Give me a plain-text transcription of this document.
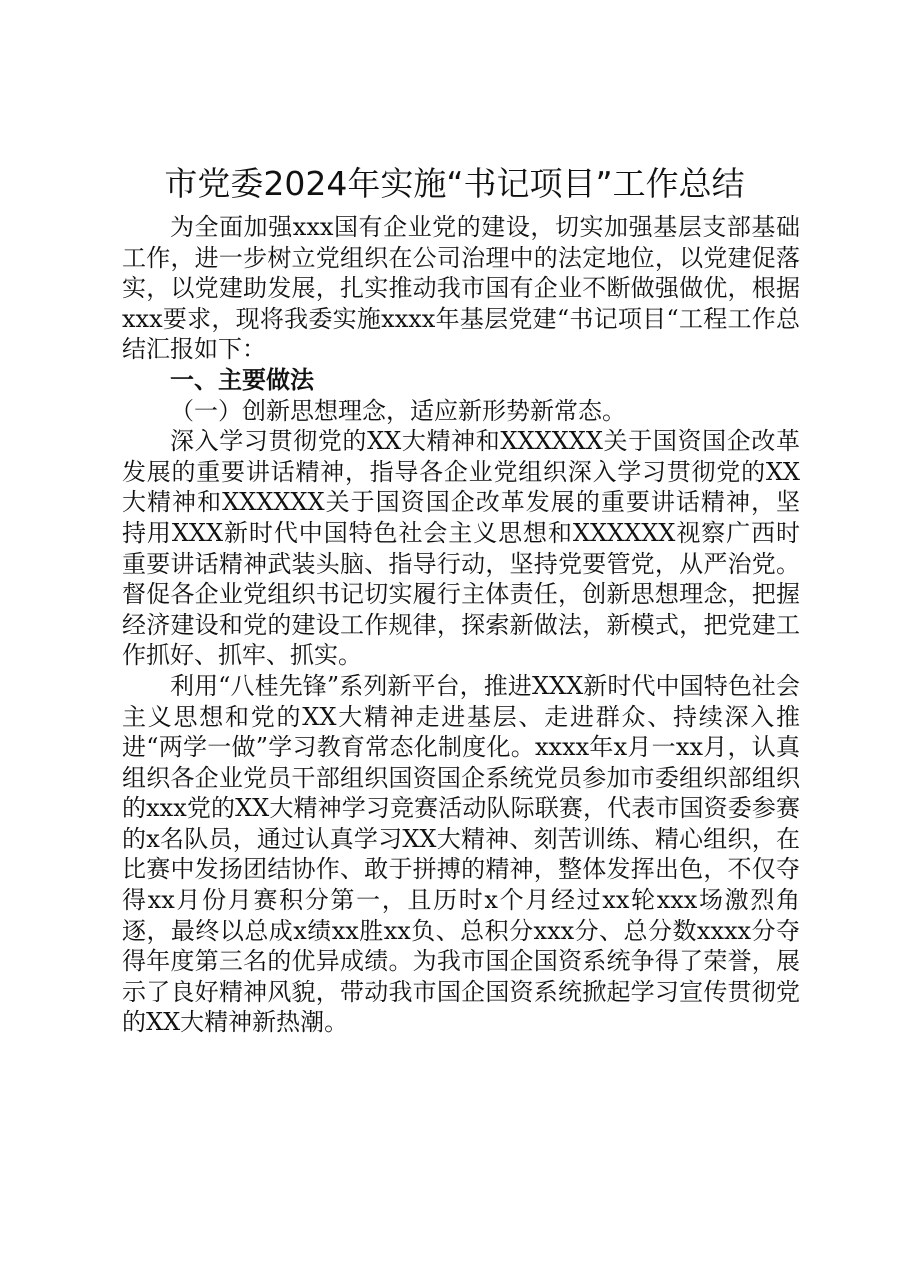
市党委2024年实施“书记项目”工作总结

为全面加强xxx国有企业党的建设，切实加强基层支部基础工作，进一步树立党组织在公司治理中的法定地位，以党建促落实，以党建助发展，扎实推动我市国有企业不断做强做优，根据xxx要求，现将我委实施xxxx年基层党建“书记项目“工程工作总结汇报如下：

一、主要做法

（一）创新思想理念，适应新形势新常态。

深入学习贯彻党的XX大精神和XXXXXX关于国资国企改革发展的重要讲话精神，指导各企业党组织深入学习贯彻党的XX大精神和XXXXXX关于国资国企改革发展的重要讲话精神，坚持用XXX新时代中国特色社会主义思想和XXXXXX视察广西时重要讲话精神武装头脑、指导行动，坚持党要管党，从严治党。督促各企业党组织书记切实履行主体责任，创新思想理念，把握经济建设和党的建设工作规律，探索新做法，新模式，把党建工作抓好、抓牢、抓实。

利用“八桂先锋”系列新平台，推进XXX新时代中国特色社会主义思想和党的XX大精神走进基层、走进群众、持续深入推进“两学一做”学习教育常态化制度化。xxxx年x月一xx月，认真组织各企业党员干部组织国资国企系统党员参加市委组织部组织的xxx党的XX大精神学习竞赛活动队际联赛，代表市国资委参赛的x名队员，通过认真学习XX大精神、刻苦训练、精心组织，在比赛中发扬团结协作、敢于拼搏的精神，整体发挥出色，不仅夺得xx月份月赛积分第一，且历时x个月经过xx轮xxx场激烈角逐，最终以总成x绩xx胜xx负、总积分xxx分、总分数xxxx分夺得年度第三名的优异成绩。为我市国企国资系统争得了荣誉，展示了良好精神风貌，带动我市国企国资系统掀起学习宣传贯彻党的XX大精神新热潮。
